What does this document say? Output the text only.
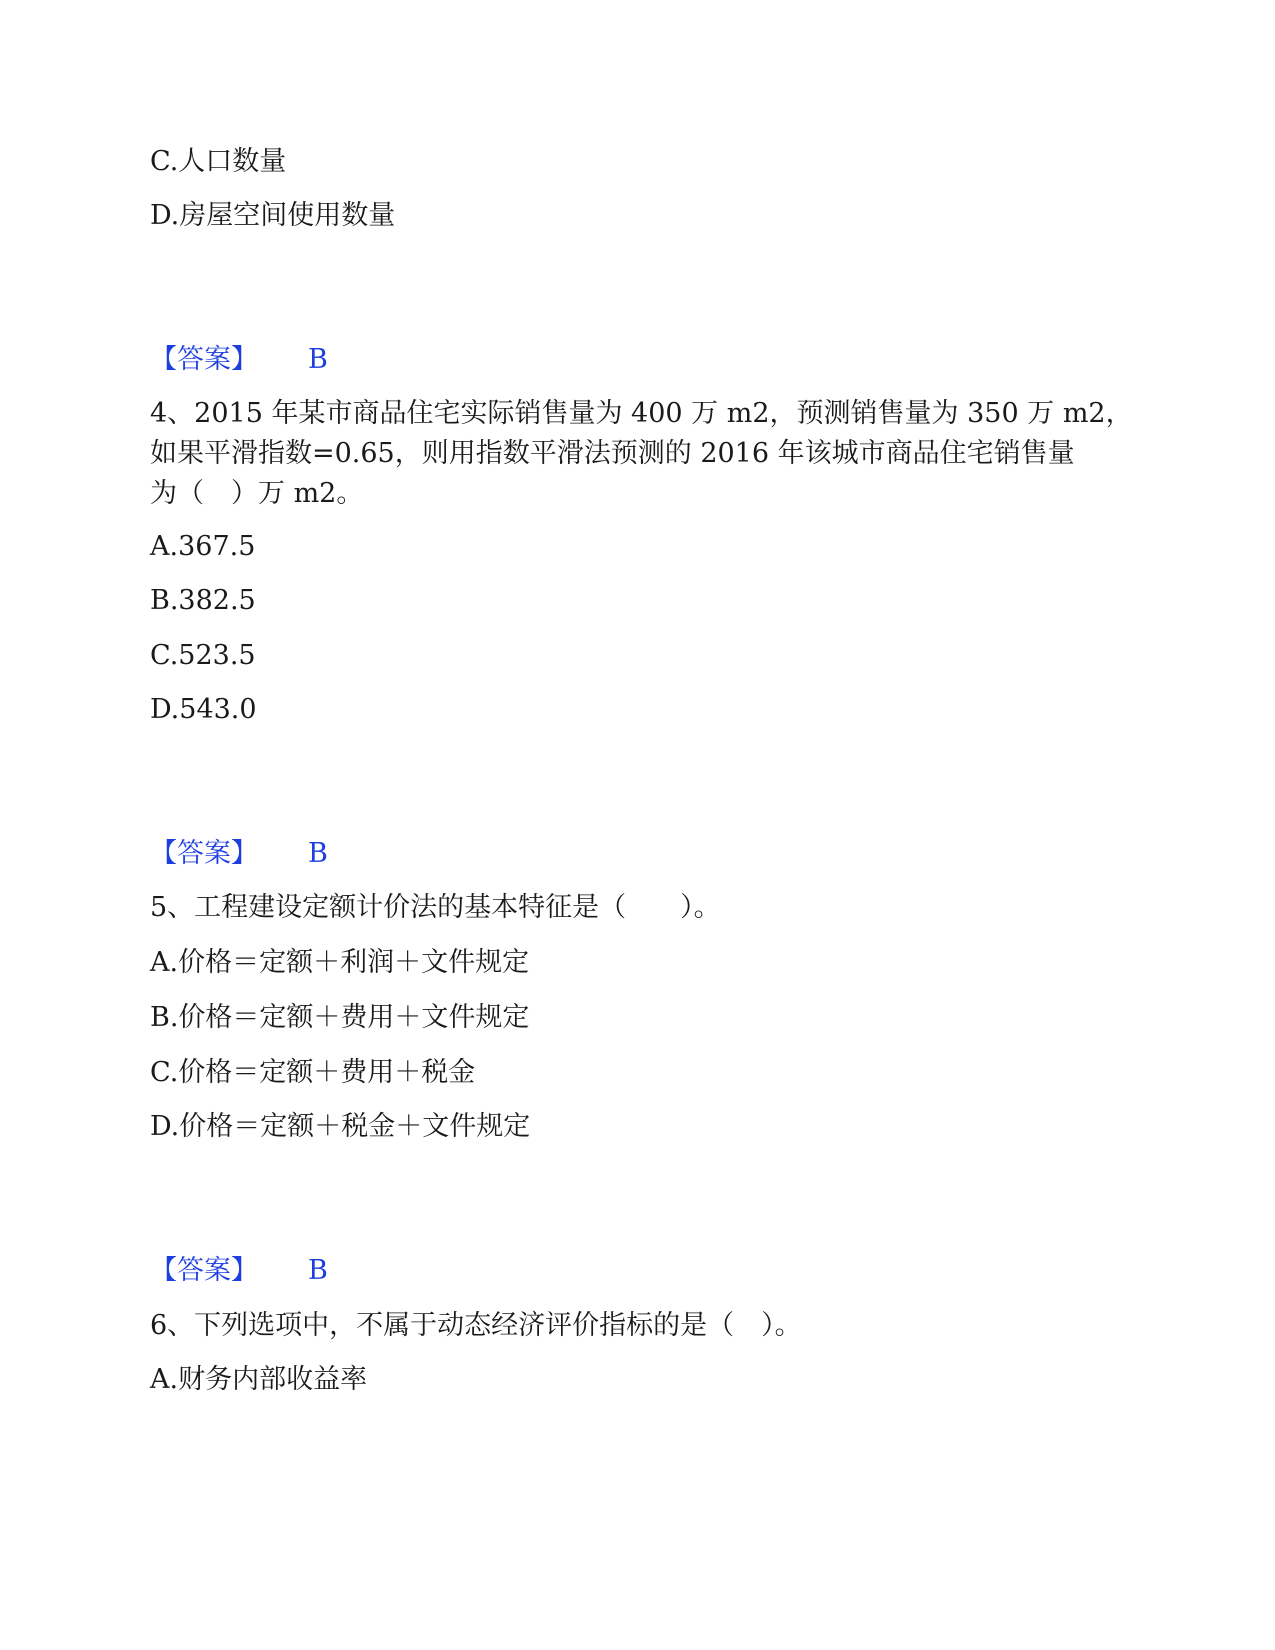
C.人口数量
D.房屋空间使用数量
【答案】 B
4、2015 年某市商品住宅实际销售量为 400 万 m2，预测销售量为 350 万 m2，
如果平滑指数=0.65，则用指数平滑法预测的 2016 年该城市商品住宅销售量
为（　）万 m2。
A.367.5
B.382.5
C.523.5
D.543.0
【答案】 B
5、工程建设定额计价法的基本特征是（　　）。
A.价格＝定额＋利润＋文件规定
B.价格＝定额＋费用＋文件规定
C.价格＝定额＋费用＋税金
D.价格＝定额＋税金＋文件规定
【答案】 B
6、下列选项中，不属于动态经济评价指标的是（　）。
A.财务内部收益率
